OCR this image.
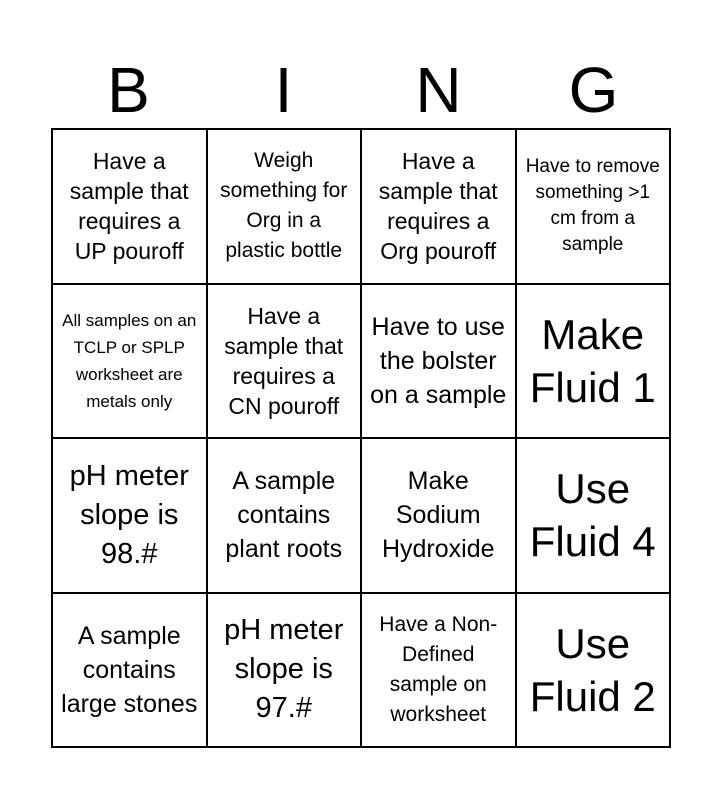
B	I	N	G
Have a sample that requires a UP pouroff
Weigh something for Org in a plastic bottle
Have a sample that requires a Org pouroff
Have to remove something >1 cm from a sample
All samples on an TCLP or SPLP worksheet are metals only
Have a sample that requires a CN pouroff
Have to use the bolster on a sample
Make Fluid 1
pH meter slope is 98.#
A sample contains plant roots
Make Sodium Hydroxide
Use Fluid 4
A sample contains large stones
pH meter slope is 97.#
Have a Non-Defined sample on worksheet
Use Fluid 2
